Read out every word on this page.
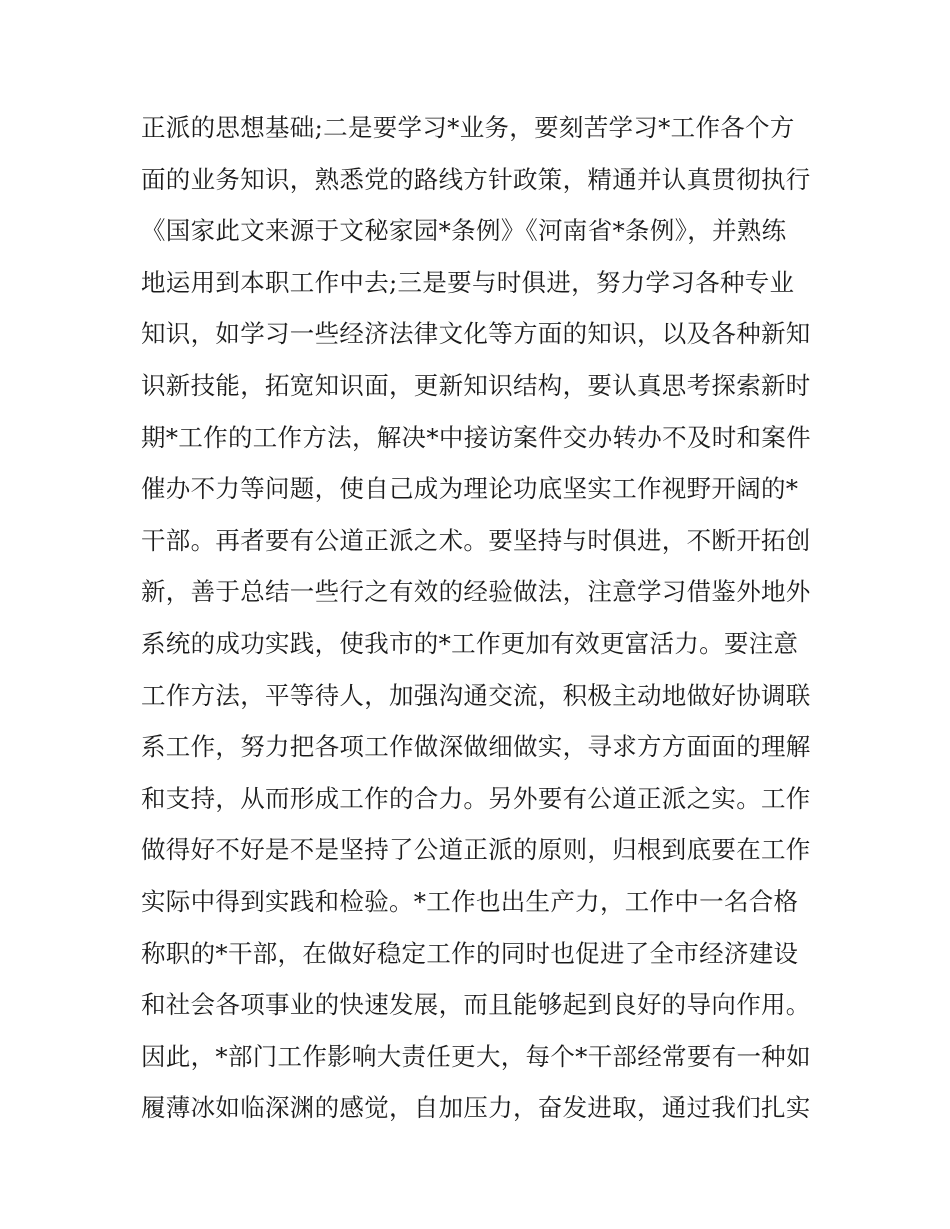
正派的思想基础;二是要学习*业务，要刻苦学习*工作各个方
面的业务知识，熟悉党的路线方针政策，精通并认真贯彻执行
《国家此文来源于文秘家园*条例》《河南省*条例》，并熟练
地运用到本职工作中去;三是要与时俱进，努力学习各种专业
知识，如学习一些经济法律文化等方面的知识，以及各种新知
识新技能，拓宽知识面，更新知识结构，要认真思考探索新时
期*工作的工作方法，解决*中接访案件交办转办不及时和案件
催办不力等问题，使自己成为理论功底坚实工作视野开阔的*
干部。再者要有公道正派之术。要坚持与时俱进，不断开拓创
新，善于总结一些行之有效的经验做法，注意学习借鉴外地外
系统的成功实践，使我市的*工作更加有效更富活力。要注意
工作方法，平等待人，加强沟通交流，积极主动地做好协调联
系工作，努力把各项工作做深做细做实，寻求方方面面的理解
和支持，从而形成工作的合力。另外要有公道正派之实。工作
做得好不好是不是坚持了公道正派的原则，归根到底要在工作
实际中得到实践和检验。*工作也出生产力，工作中一名合格
称职的*干部，在做好稳定工作的同时也促进了全市经济建设
和社会各项事业的快速发展，而且能够起到良好的导向作用。
因此，*部门工作影响大责任更大，每个*干部经常要有一种如
履薄冰如临深渊的感觉，自加压力，奋发进取，通过我们扎实
